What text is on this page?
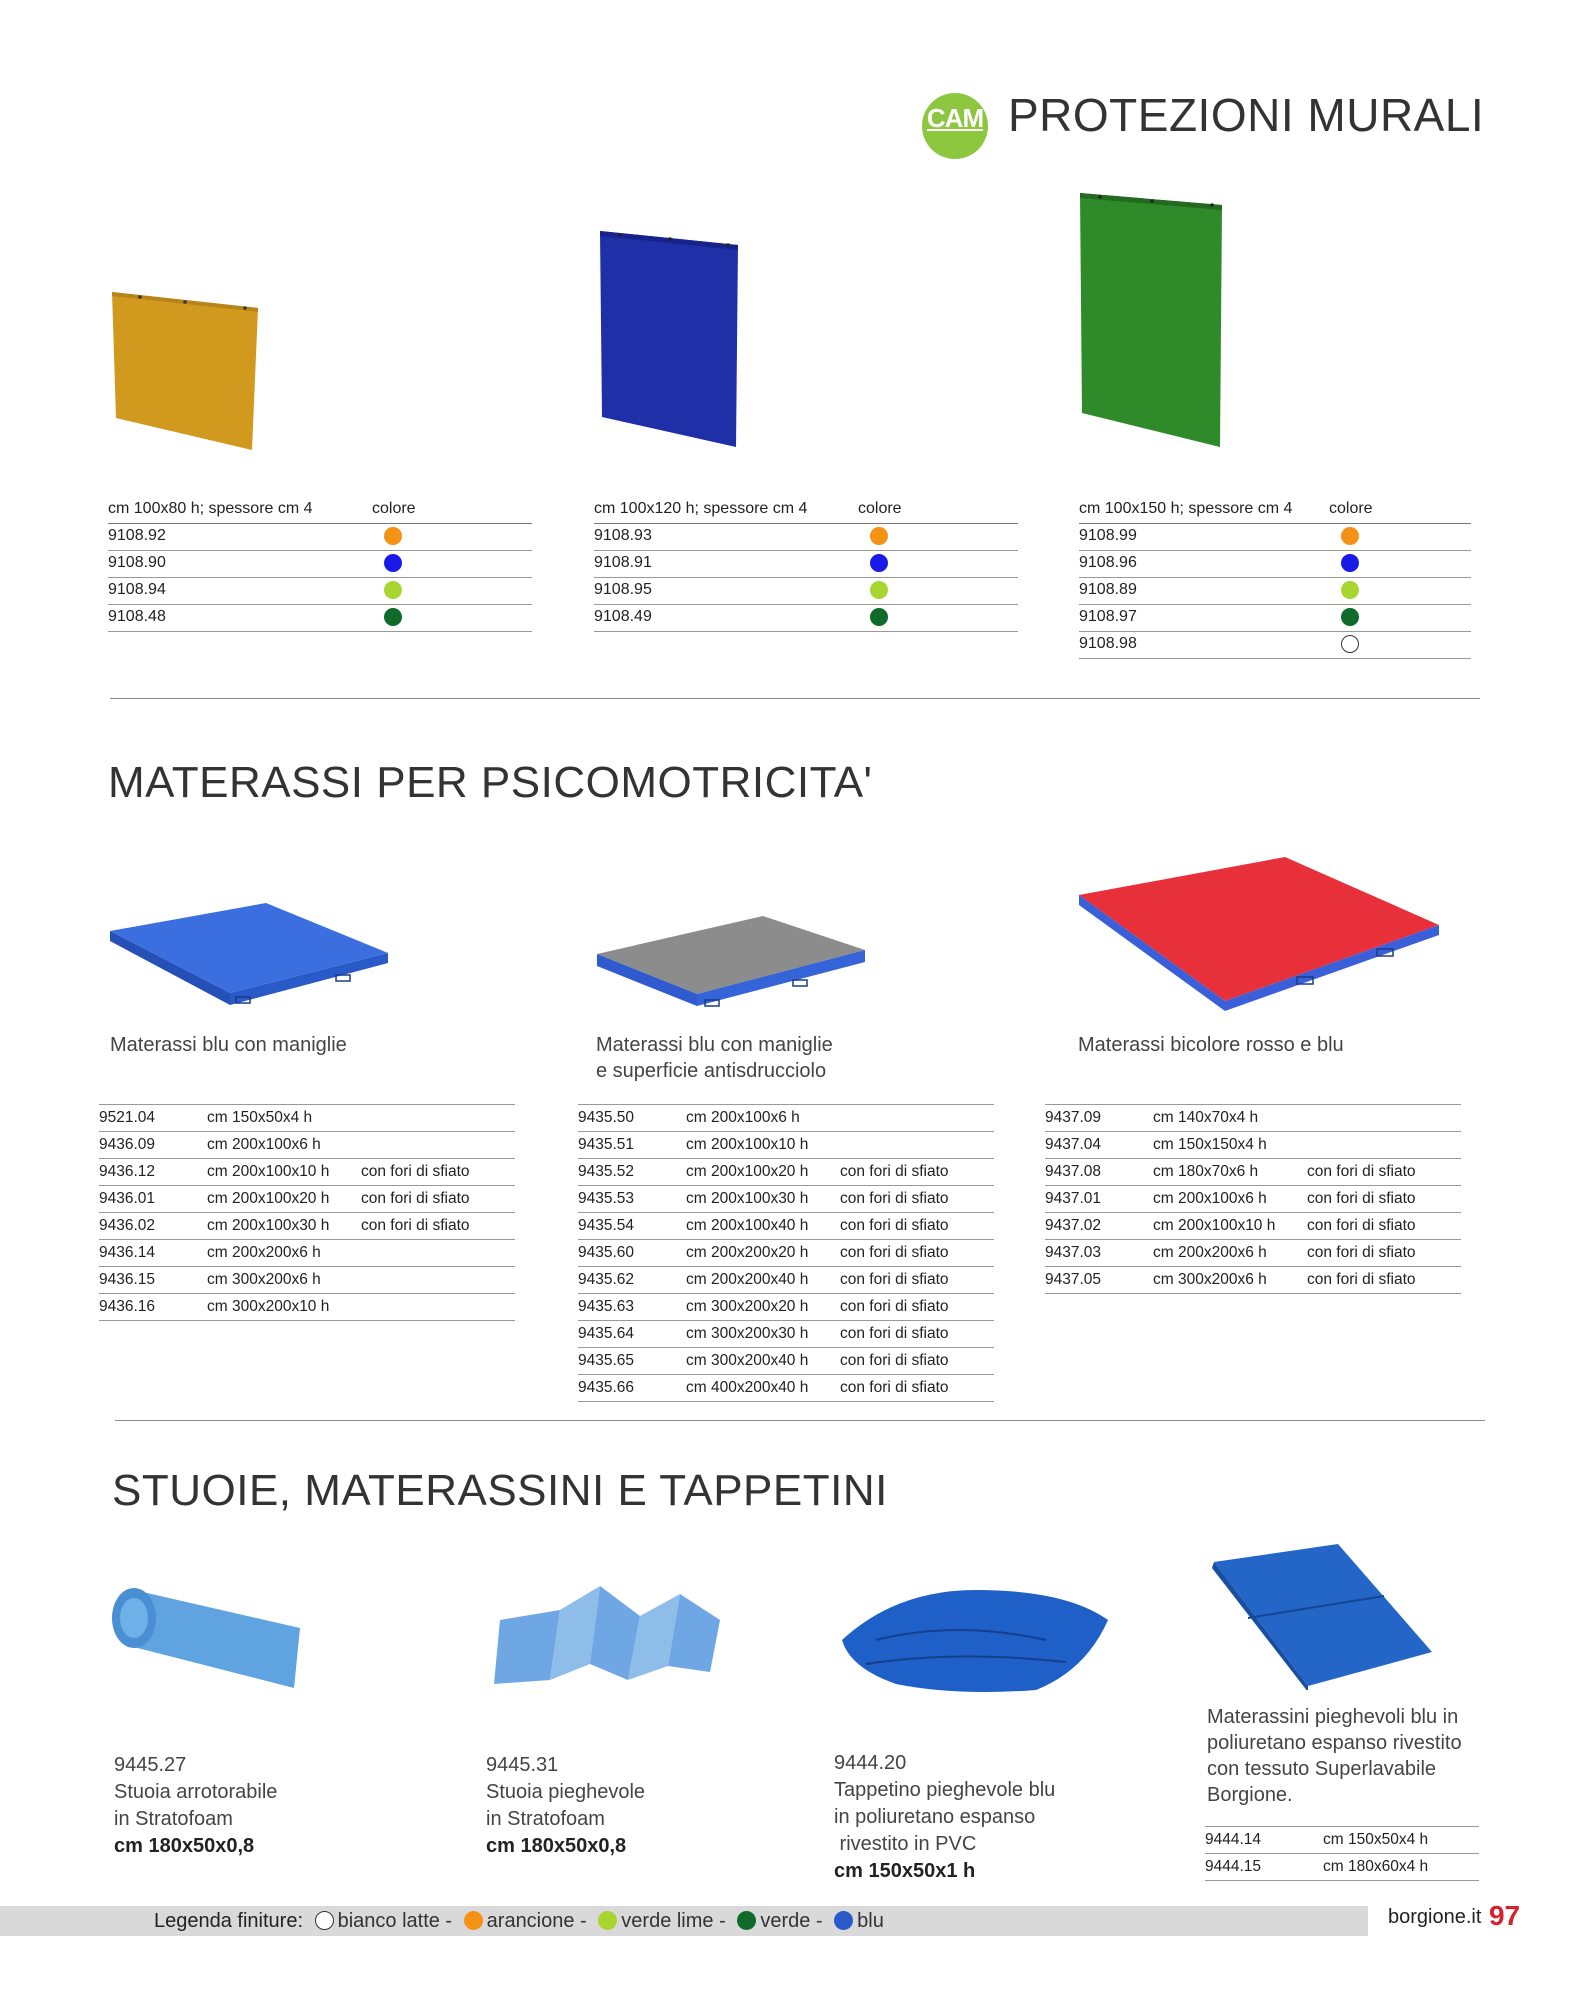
CAM
PROTEZIONI MURALI
cm 100x80 h; spessore cm 4	colore
9108.92	
9108.90	
9108.94	
9108.48	
cm 100x120 h; spessore cm 4	colore
9108.93	
9108.91	
9108.95	
9108.49	
cm 100x150 h; spessore cm 4	colore
9108.99	
9108.96	
9108.89	
9108.97	
9108.98	
MATERASSI PER PSICOMOTRICITA'
Materassi blu con maniglie	Materassi blu con maniglie
e superficie antisdrucciolo
Materassi bicolore rosso e blu
9521.04	cm 150x50x4 h	
9436.09	cm 200x100x6 h	
9436.12	cm 200x100x10 h	con fori di sfiato
9436.01	cm 200x100x20 h	con fori di sfiato
9436.02	cm 200x100x30 h	con fori di sfiato
9436.14	cm 200x200x6 h	
9436.15	cm 300x200x6 h	
9436.16	cm 300x200x10 h	
9435.50	cm 200x100x6 h	
9435.51	cm 200x100x10 h	
9435.52	cm 200x100x20 h	con fori di sfiato
9435.53	cm 200x100x30 h	con fori di sfiato
9435.54	cm 200x100x40 h	con fori di sfiato
9435.60	cm 200x200x20 h	con fori di sfiato
9435.62	cm 200x200x40 h	con fori di sfiato
9435.63	cm 300x200x20 h	con fori di sfiato
9435.64	cm 300x200x30 h	con fori di sfiato
9435.65	cm 300x200x40 h	con fori di sfiato
9435.66	cm 400x200x40 h	con fori di sfiato
9437.09	cm 140x70x4 h	
9437.04	cm 150x150x4 h	
9437.08	cm 180x70x6 h	con fori di sfiato
9437.01	cm 200x100x6 h	con fori di sfiato
9437.02	cm 200x100x10 h	con fori di sfiato
9437.03	cm 200x200x6 h	con fori di sfiato
9437.05	cm 300x200x6 h	con fori di sfiato
STUOIE, MATERASSINI E TAPPETINI
9445.27
Stuoia arrotorabile
in Stratofoam
cm 180x50x0,8
9445.31
Stuoia pieghevole
in Stratofoam
cm 180x50x0,8
9444.20
Tappetino pieghevole blu
in poliuretano espanso
rivestito in PVC
cm 150x50x1 h
Materassini pieghevoli blu in
poliuretano espanso rivestito
con tessuto Superlavabile
Borgione.
9444.14	cm 150x50x4 h
9444.15	cm 180x60x4 h
Legenda finiture: bianco latte - arancione - verde lime - verde - blu	borgione.it 97
